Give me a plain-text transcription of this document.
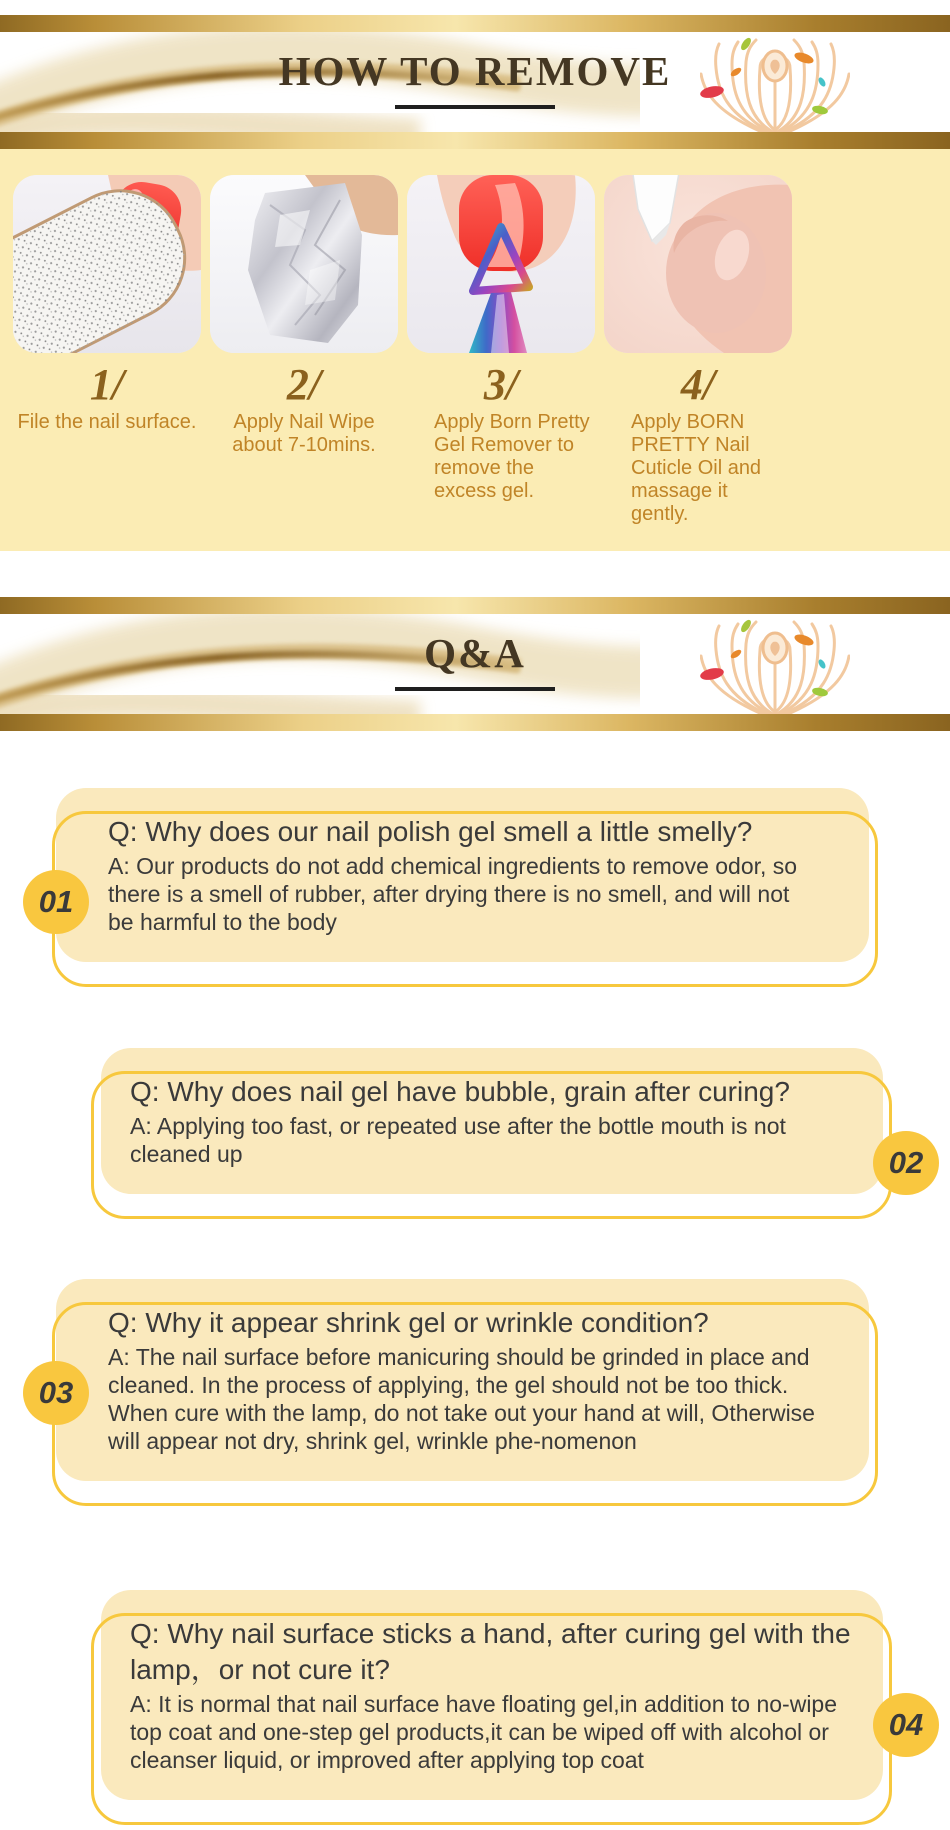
HOW TO REMOVE
1/
File the nail surface.
2/
Apply Nail Wipe about 7-10mins.
3/
Apply Born Pretty Gel Remover to remove the excess gel.
4/
Apply BORN PRETTY Nail Cuticle Oil and massage it gently.
Q&A
01
Q: Why does our nail polish gel smell a little smelly?
A: Our products do not add chemical ingredients to remove odor, so there is a smell of rubber, after drying there is no smell, and will not be harmful to the body
02
Q: Why does nail gel have bubble, grain after curing?
A: Applying too fast, or repeated use after the bottle mouth is not cleaned up
03
Q: Why it appear shrink gel or wrinkle condition?
A: The nail surface before manicuring should be grinded in place and cleaned. In the process of applying, the gel should not be too thick. When cure with the lamp, do not take out your hand at will, Otherwise will appear not dry, shrink gel, wrinkle phe-nomenon
04
Q: Why nail surface sticks a hand, after curing gel with the lamp，or not cure it?
A: It is normal that nail surface have floating gel,in addition to no-wipe top coat and one-step gel products,it can be wiped off with alcohol or cleanser liquid, or improved after applying top coat
